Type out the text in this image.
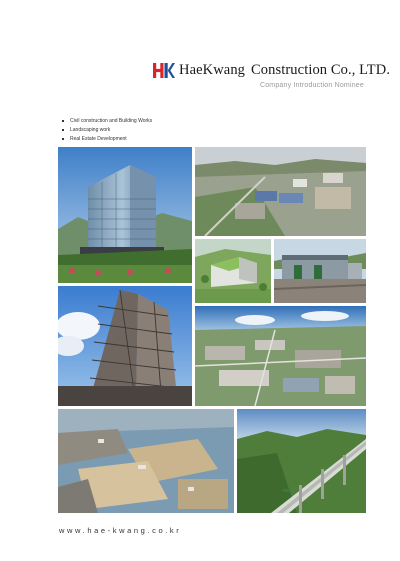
HaeKwang Construction Co., LTD.
Company Introduction Nominee
Civil construction and Building Works
Landscaping work
Real Estate Development
www.hae-kwang.co.kr
